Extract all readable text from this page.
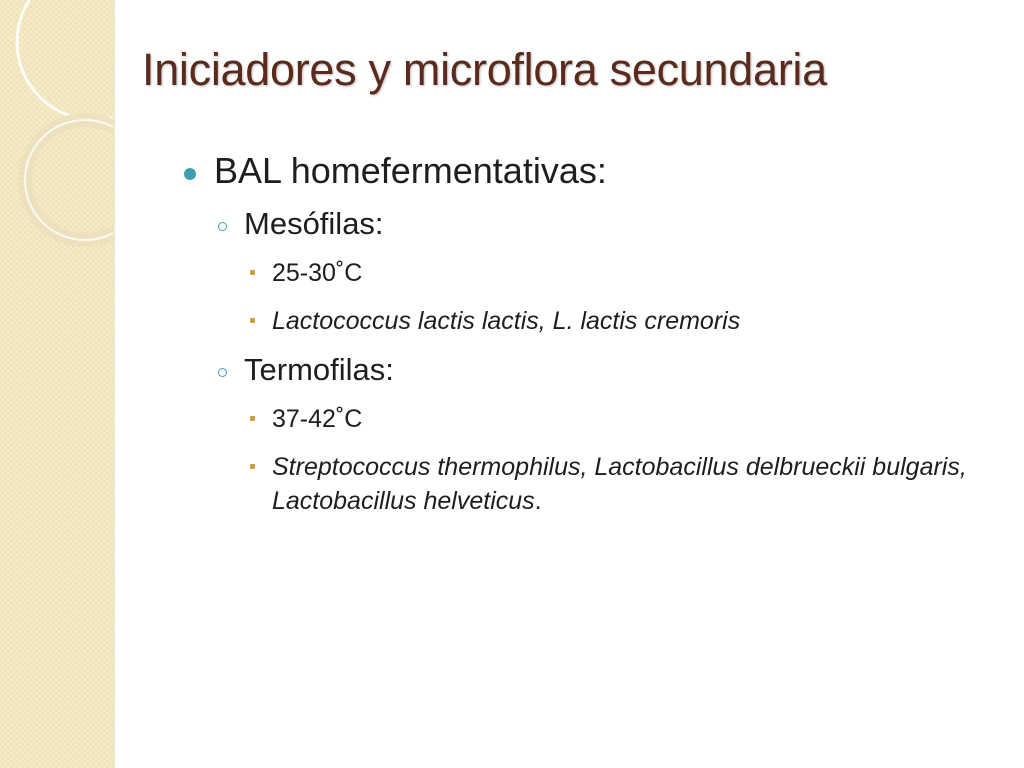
Iniciadores y microflora secundaria
BAL homefermentativas:
Mesófilas:
25-30˚C
Lactococcus lactis lactis, L. lactis cremoris
Termofilas:
37-42˚C
Streptococcus thermophilus, Lactobacillus delbrueckii bulgaris, Lactobacillus helveticus.
